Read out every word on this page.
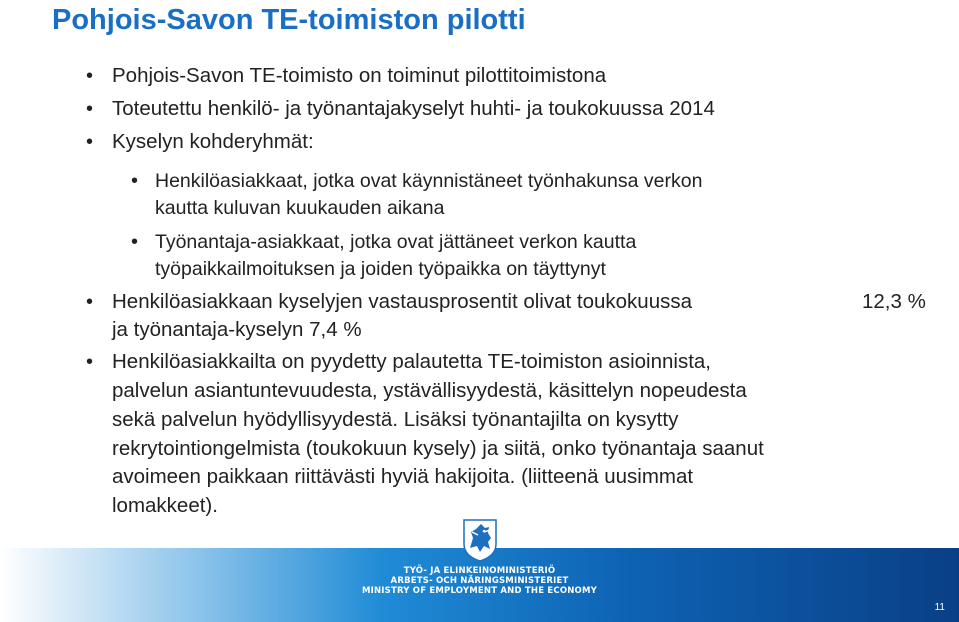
Pohjois-Savon TE-toimiston pilotti
• Pohjois-Savon TE-toimisto on toiminut pilottitoimistona
• Toteutettu henkilö- ja työnantajakyselyt huhti- ja toukokuussa 2014
• Kyselyn kohderyhmät:
• Henkilöasiakkaat, jotka ovat käynnistäneet työnhakunsa verkon
kautta kuluvan kuukauden aikana
• Työnantaja-asiakkaat, jotka ovat jättäneet verkon kautta
työpaikkailmoituksen ja joiden työpaikka on täyttynyt
• Henkilöasiakkaan kyselyjen vastausprosentit olivat toukokuussa	12,3 %
ja työnantaja-kyselyn 7,4 %
• Henkilöasiakkailta on pyydetty palautetta TE-toimiston asioinnista,
palvelun asiantuntevuudesta, ystävällisyydestä, käsittelyn nopeudesta
sekä palvelun hyödyllisyydestä. Lisäksi työnantajilta on kysytty
rekrytointiongelmista (toukokuun kysely) ja siitä, onko työnantaja saanut
avoimeen paikkaan riittävästi hyviä hakijoita. (liitteenä uusimmat
lomakkeet).
TYÖ- JA ELINKEINOMINISTERIÖ
ARBETS- OCH NÄRINGSMINISTERIET
MINISTRY OF EMPLOYMENT AND THE ECONOMY
11
